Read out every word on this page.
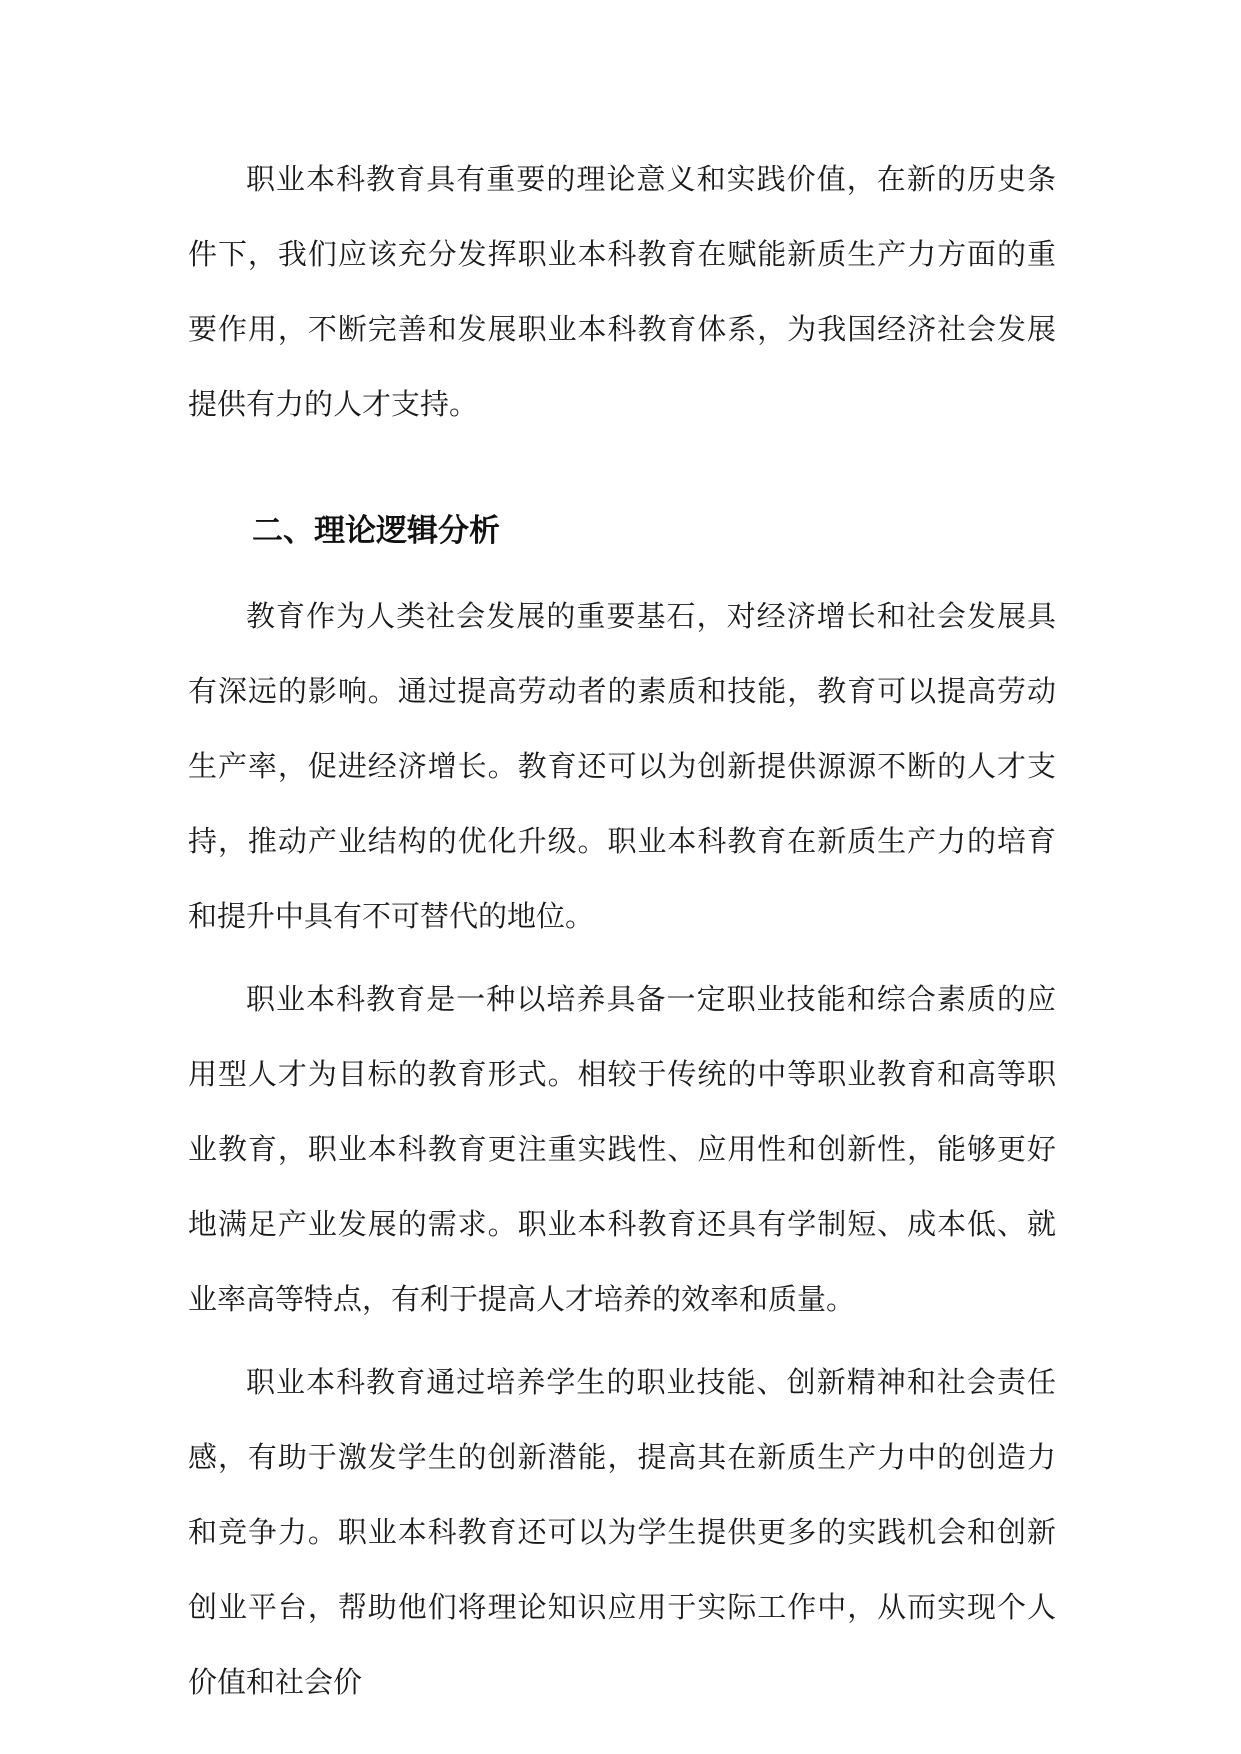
职业本科教育具有重要的理论意义和实践价值，在新的历史条件下，我们应该充分发挥职业本科教育在赋能新质生产力方面的重要作用，不断完善和发展职业本科教育体系，为我国经济社会发展提供有力的人才支持。

二、理论逻辑分析

教育作为人类社会发展的重要基石，对经济增长和社会发展具有深远的影响。通过提高劳动者的素质和技能，教育可以提高劳动生产率，促进经济增长。教育还可以为创新提供源源不断的人才支持，推动产业结构的优化升级。职业本科教育在新质生产力的培育和提升中具有不可替代的地位。

职业本科教育是一种以培养具备一定职业技能和综合素质的应用型人才为目标的教育形式。相较于传统的中等职业教育和高等职业教育，职业本科教育更注重实践性、应用性和创新性，能够更好地满足产业发展的需求。职业本科教育还具有学制短、成本低、就业率高等特点，有利于提高人才培养的效率和质量。

职业本科教育通过培养学生的职业技能、创新精神和社会责任感，有助于激发学生的创新潜能，提高其在新质生产力中的创造力和竞争力。职业本科教育还可以为学生提供更多的实践机会和创新创业平台，帮助他们将理论知识应用于实际工作中，从而实现个人价值和社会价
